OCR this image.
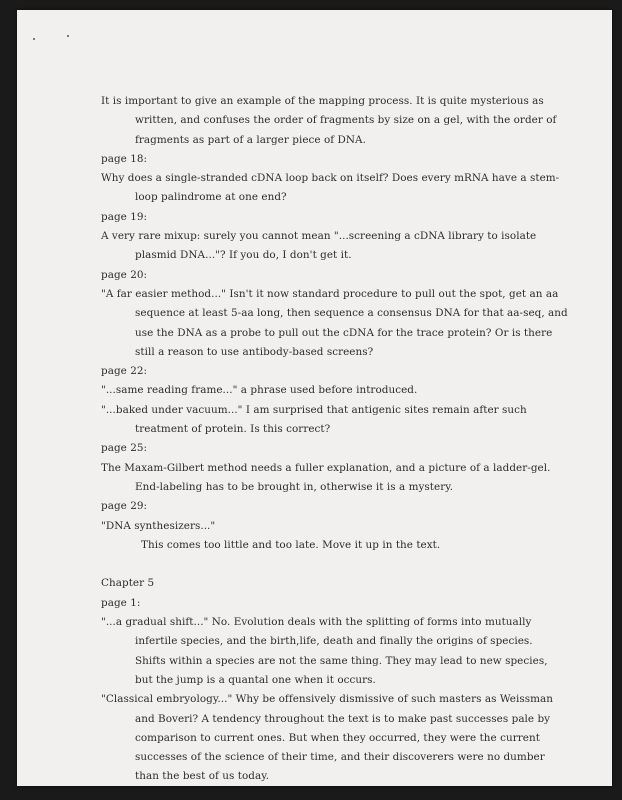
It is important to give an example of the mapping process. It is quite mysterious as
written, and confuses the order of fragments by size on a gel, with the order of
fragments as part of a larger piece of DNA.
page 18:
Why does a single-stranded cDNA loop back on itself? Does every mRNA have a stem-
loop palindrome at one end?
page 19:
A very rare mixup: surely you cannot mean "...screening a cDNA library to isolate
plasmid DNA..."? If you do, I don't get it.
page 20:
"A far easier method..." Isn't it now standard procedure to pull out the spot, get an aa
sequence at least 5-aa long, then sequence a consensus DNA for that aa-seq, and
use the DNA as a probe to pull out the cDNA for the trace protein? Or is there
still a reason to use antibody-based screens?
page 22:
"...same reading frame..." a phrase used before introduced.
"...baked under vacuum..." I am surprised that antigenic sites remain after such
treatment of protein. Is this correct?
page 25:
The Maxam-Gilbert method needs a fuller explanation, and a picture of a ladder-gel.
End-labeling has to be brought in, otherwise it is a mystery.
page 29:
"DNA synthesizers..."
This comes too little and too late. Move it up in the text.
Chapter 5
page 1:
"...a gradual shift..." No. Evolution deals with the splitting of forms into mutually
infertile species, and the birth,life, death and finally the origins of species.
Shifts within a species are not the same thing. They may lead to new species,
but the jump is a quantal one when it occurs.
"Classical embryology..." Why be offensively dismissive of such masters as Weissman
and Boveri? A tendency throughout the text is to make past successes pale by
comparison to current ones. But when they occurred, they were the current
successes of the science of their time, and their discoverers were no dumber
than the best of us today.
